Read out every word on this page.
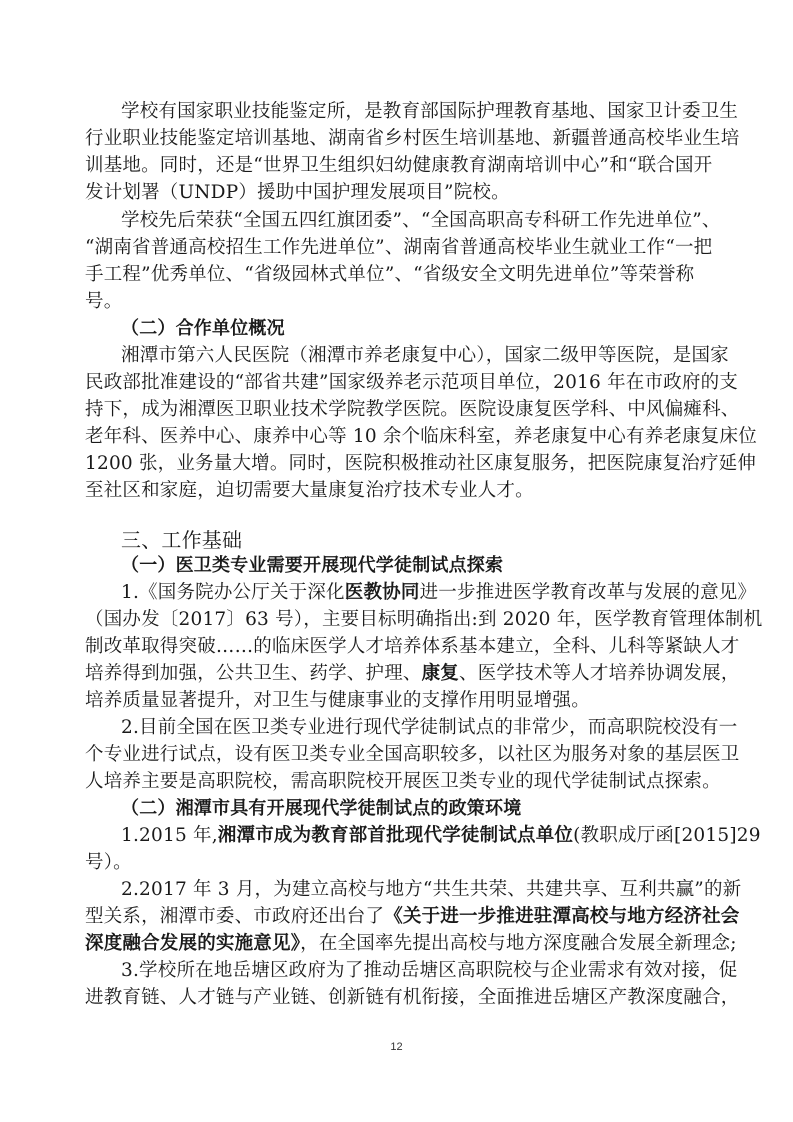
学校有国家职业技能鉴定所，是教育部国际护理教育基地、国家卫计委卫生
行业职业技能鉴定培训基地、湖南省乡村医生培训基地、新疆普通高校毕业生培
训基地。同时，还是“世界卫生组织妇幼健康教育湖南培训中心”和“联合国开
发计划署（UNDP）援助中国护理发展项目”院校。
学校先后荣获“全国五四红旗团委”、“全国高职高专科研工作先进单位”、
“湖南省普通高校招生工作先进单位”、湖南省普通高校毕业生就业工作“一把
手工程”优秀单位、“省级园林式单位”、“省级安全文明先进单位”等荣誉称
号。
（二）合作单位概况
湘潭市第六人民医院（湘潭市养老康复中心），国家二级甲等医院，是国家
民政部批准建设的“部省共建”国家级养老示范项目单位，2016 年在市政府的支
持下，成为湘潭医卫职业技术学院教学医院。医院设康复医学科、中风偏瘫科、
老年科、医养中心、康养中心等 10 余个临床科室，养老康复中心有养老康复床位
1200 张，业务量大增。同时，医院积极推动社区康复服务，把医院康复治疗延伸
至社区和家庭，迫切需要大量康复治疗技术专业人才。
三、工作基础
（一）医卫类专业需要开展现代学徒制试点探索
1.《国务院办公厅关于深化医教协同进一步推进医学教育改革与发展的意见》
（国办发〔2017〕63 号），主要目标明确指出:到 2020 年，医学教育管理体制机
制改革取得突破……的临床医学人才培养体系基本建立，全科、儿科等紧缺人才
培养得到加强，公共卫生、药学、护理、康复、医学技术等人才培养协调发展，
培养质量显著提升，对卫生与健康事业的支撑作用明显增强。
2.目前全国在医卫类专业进行现代学徒制试点的非常少，而高职院校没有一
个专业进行试点，设有医卫类专业全国高职较多，以社区为服务对象的基层医卫
人培养主要是高职院校，需高职院校开展医卫类专业的现代学徒制试点探索。
（二）湘潭市具有开展现代学徒制试点的政策环境
1.2015 年,湘潭市成为教育部首批现代学徒制试点单位(教职成厅函[2015]29
号）。
2.2017 年 3 月，为建立高校与地方“共生共荣、共建共享、互利共赢”的新
型关系，湘潭市委、市政府还出台了《关于进一步推进驻潭高校与地方经济社会
深度融合发展的实施意见》，在全国率先提出高校与地方深度融合发展全新理念;
3.学校所在地岳塘区政府为了推动岳塘区高职院校与企业需求有效对接，促
进教育链、人才链与产业链、创新链有机衔接，全面推进岳塘区产教深度融合，
12
